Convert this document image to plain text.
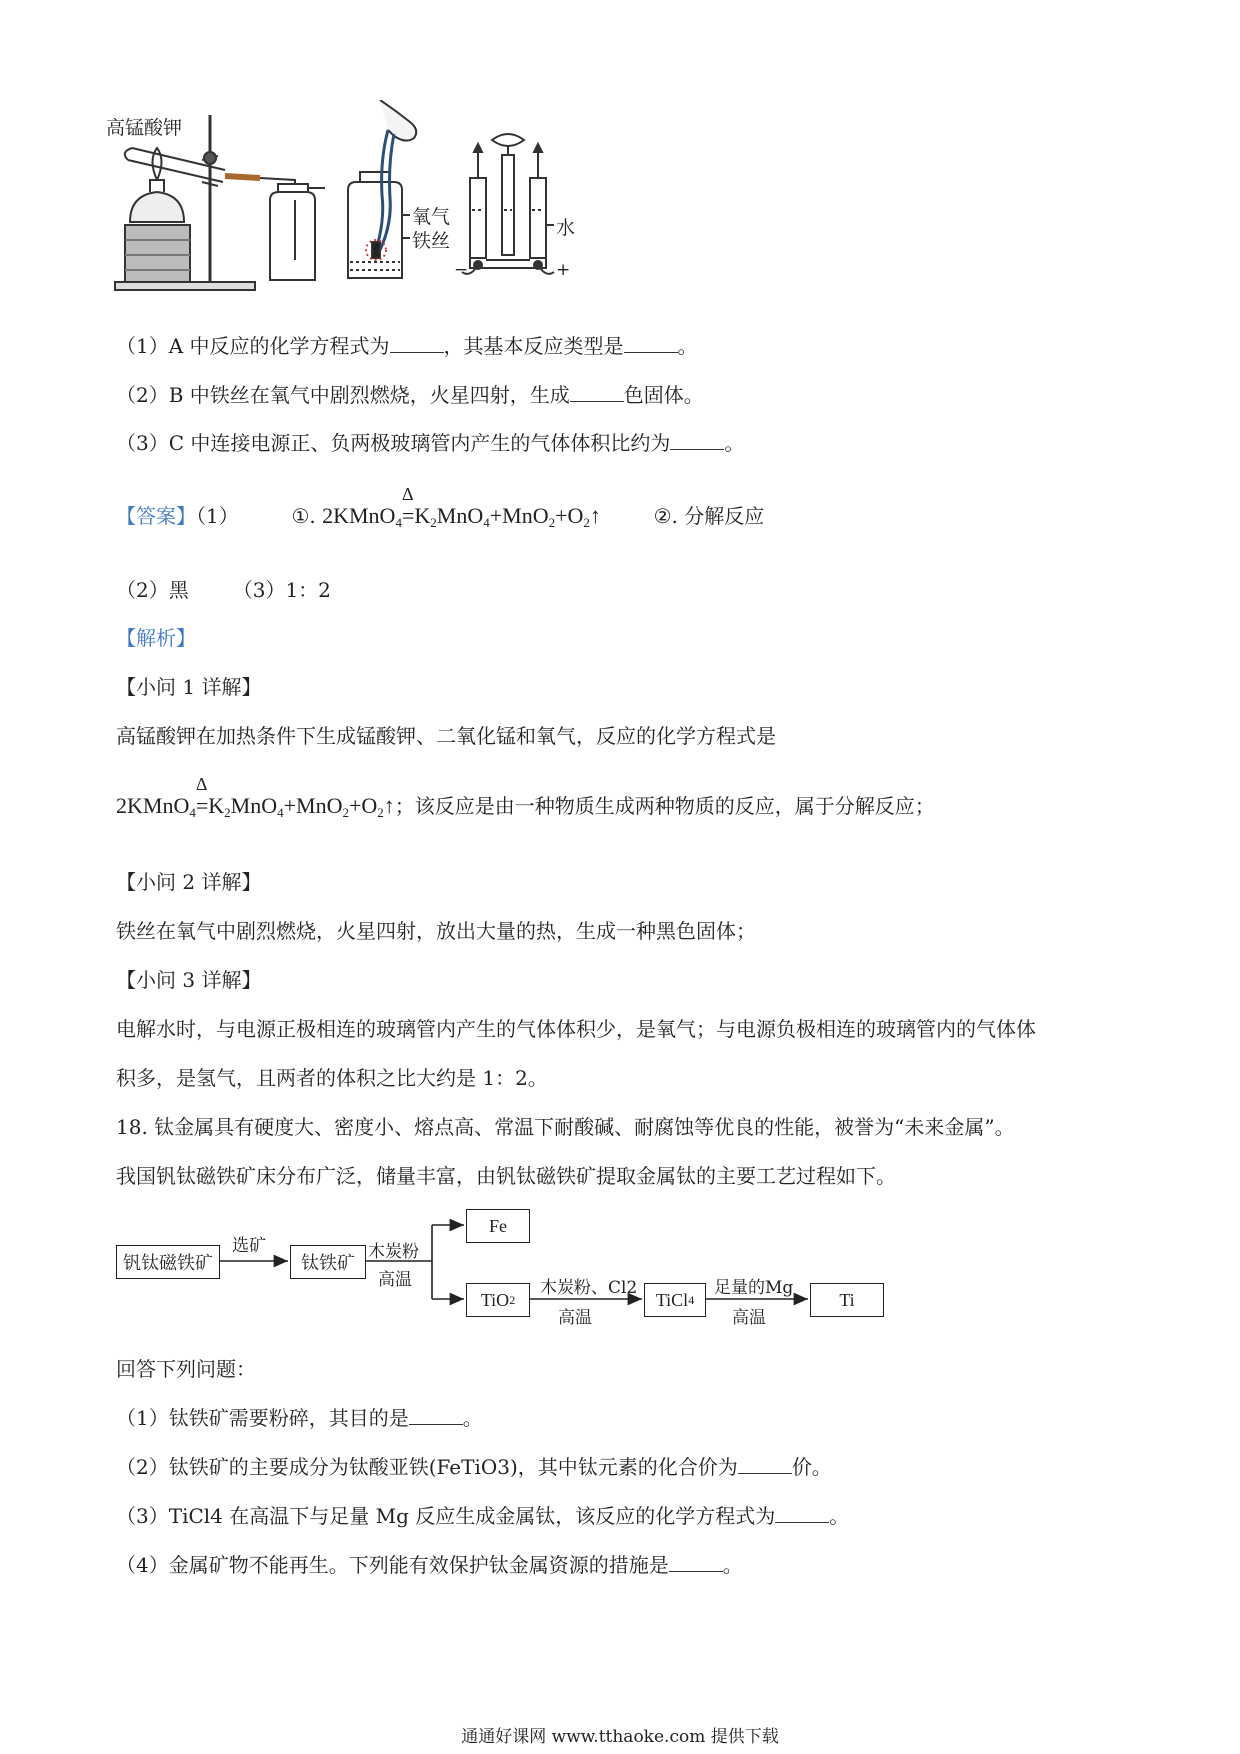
高锰酸钾
氧气
铁丝
水
−	+
（1）A 中反应的化学方程式为	，其基本反应类型是	。
（2）B 中铁丝在氧气中剧烈燃烧，火星四射，生成	色固体。
（3）C 中连接电源正、负两极玻璃管内产生的气体体积比约为	。
【答案】（1）	①. 2KMnO$_4$=
Δ
$K_2MnO_4+MnO_2+O_2↑$	②. 分解反应
（2）黑 （3）1：2
【解析】
【小问 1 详解】
高锰酸钾在加热条件下生成锰酸钾、二氧化锰和氧气，反应的化学方程式是
2KMnO$_4$=
Δ
$K_2MnO_4+MnO_2+O_2↑$；该反应是由一种物质生成两种物质的反应，属于分解反应；
【小问 2 详解】
铁丝在氧气中剧烈燃烧，火星四射，放出大量的热，生成一种黑色固体；
【小问 3 详解】
电解水时，与电源正极相连的玻璃管内产生的气体体积少，是氧气；与电源负极相连的玻璃管内的气体体
积多，是氢气，且两者的体积之比大约是 1：2。
18. 钛金属具有硬度大、密度小、熔点高、常温下耐酸碱、耐腐蚀等优良的性能，被誉为“未来金属”。
我国钒钛磁铁矿床分布广泛，储量丰富，由钒钛磁铁矿提取金属钛的主要工艺过程如下。
钒钛磁铁矿
选矿
钛铁矿
木炭粉
高温
Fe
TiO 2
木炭粉、Cl2
高温
TiCl 4
足量的Mg
高温
Ti
回答下列问题：
（1）钛铁矿需要粉碎，其目的是	。
（2）钛铁矿的主要成分为钛酸亚铁(FeTiO3)，其中钛元素的化合价为	价。
（3）TiCl4 在高温下与足量 Mg 反应生成金属钛，该反应的化学方程式为	。
（4）金属矿物不能再生。下列能有效保护钛金属资源的措施是	。
通通好课网 www.tthaoke.com 提供下载
